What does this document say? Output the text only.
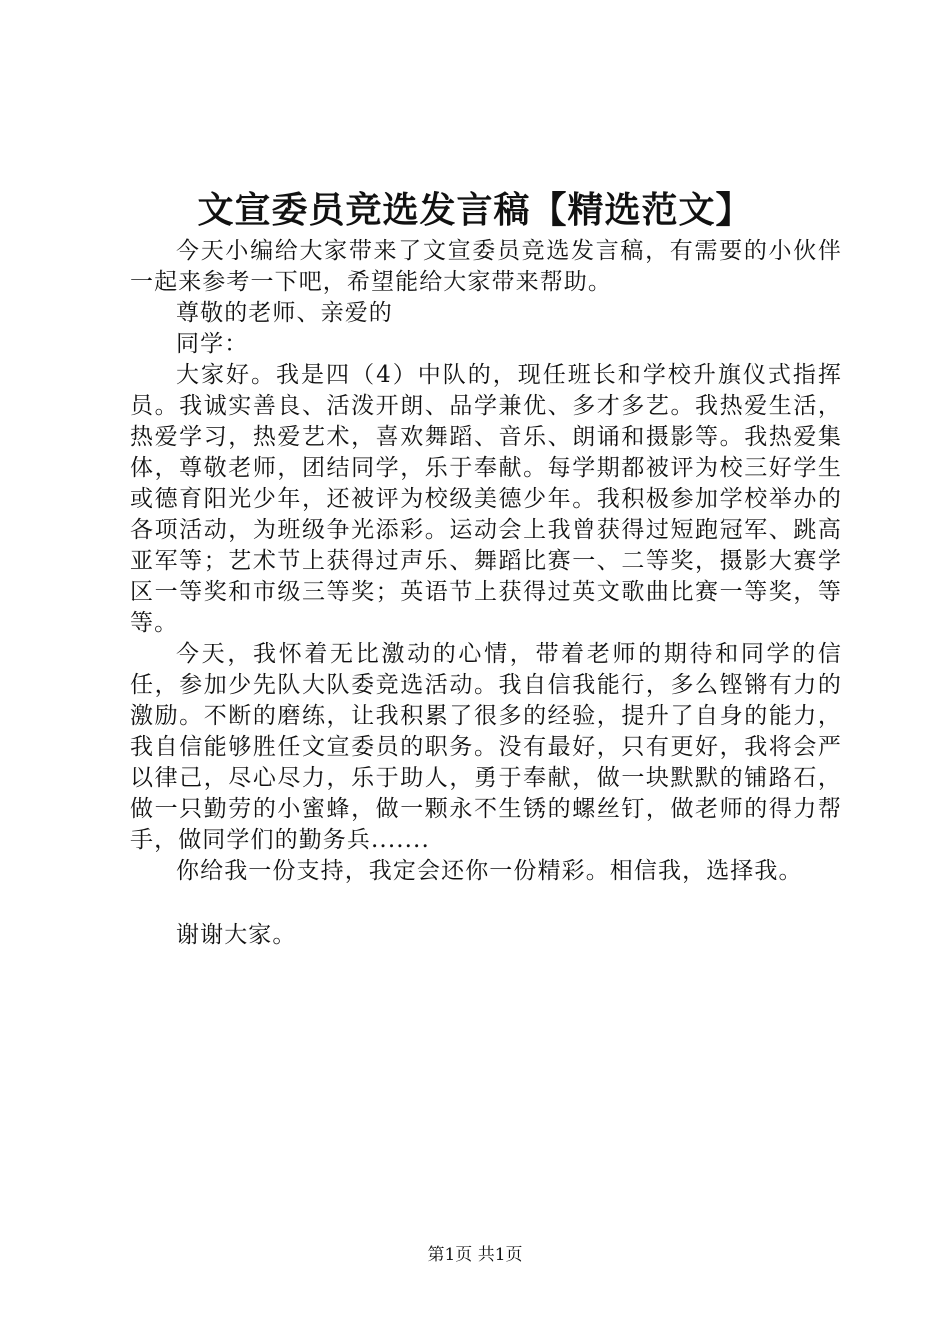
文宣委员竞选发言稿【精选范文】

今天小编给大家带来了文宣委员竞选发言稿，有需要的小伙伴一起来参考一下吧，希望能给大家带来帮助。

尊敬的老师、亲爱的

同学：

大家好。我是四（4）中队的，现任班长和学校升旗仪式指挥员。我诚实善良、活泼开朗、品学兼优、多才多艺。我热爱生活，热爱学习，热爱艺术，喜欢舞蹈、音乐、朗诵和摄影等。我热爱集体，尊敬老师，团结同学，乐于奉献。每学期都被评为校三好学生或德育阳光少年，还被评为校级美德少年。我积极参加学校举办的各项活动，为班级争光添彩。运动会上我曾获得过短跑冠军、跳高亚军等；艺术节上获得过声乐、舞蹈比赛一、二等奖，摄影大赛学区一等奖和市级三等奖；英语节上获得过英文歌曲比赛一等奖，等等。

今天，我怀着无比激动的心情，带着老师的期待和同学的信任，参加少先队大队委竞选活动。我自信我能行，多么铿锵有力的激励。不断的磨练，让我积累了很多的经验，提升了自身的能力，我自信能够胜任文宣委员的职务。没有最好，只有更好，我将会严以律己，尽心尽力，乐于助人，勇于奉献，做一块默默的铺路石，做一只勤劳的小蜜蜂，做一颗永不生锈的螺丝钉，做老师的得力帮手，做同学们的勤务兵.......

你给我一份支持，我定会还你一份精彩。相信我，选择我。

谢谢大家。

第1页 共1页
